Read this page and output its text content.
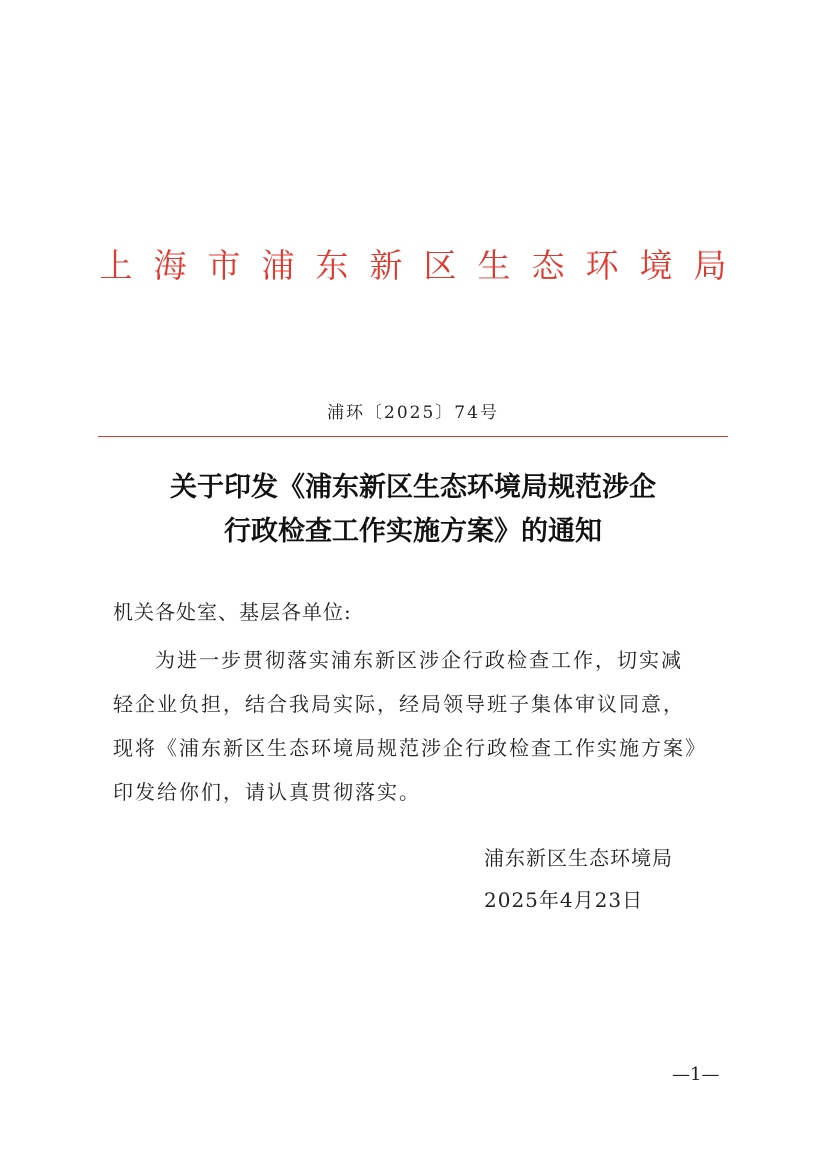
上海市浦东新区生态环境局
浦环〔2025〕74号
关于印发《浦东新区生态环境局规范涉企
行政检查工作实施方案》的通知
机关各处室、基层各单位:
为进一步贯彻落实浦东新区涉企行政检查工作，切实减
轻企业负担，结合我局实际，经局领导班子集体审议同意，
现将《浦东新区生态环境局规范涉企行政检查工作实施方案》
印发给你们，请认真贯彻落实。
浦东新区生态环境局
2025年4月23日
—1—
